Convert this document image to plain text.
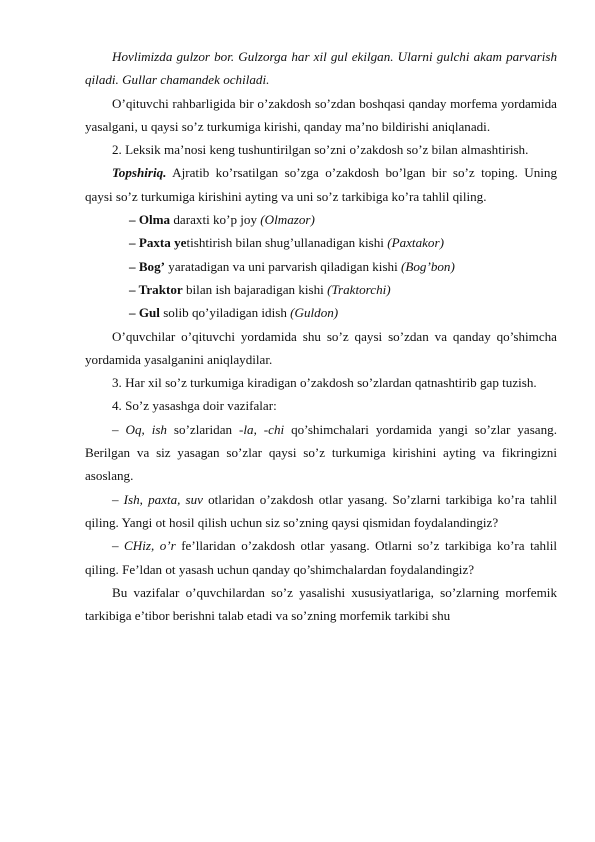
Hovlimizda gulzor bor. Gulzorga har xil gul ekilgan. Ularni gulchi akam parvarish qiladi. Gullar chamandek ochiladi.

O’qituvchi rahbarligida bir o’zakdosh so’zdan boshqasi qanday morfema yordamida yasalgani, u qaysi so’z turkumiga kirishi, qanday ma’no bildirishi aniqlanadi.

2. Leksik ma’nosi keng tushuntirilgan so’zni o’zakdosh so’z bilan almashtirish.

Topshiriq. Ajratib ko’rsatilgan so’zga o’zakdosh bo’lgan bir so’z toping. Uning qaysi so’z turkumiga kirishini ayting va uni so’z tarkibiga ko’ra tahlil qiling.

– Olma daraxti ko’p joy (Olmazor)

– Paxta yetishtirish bilan shug’ullanadigan kishi (Paxtakor)

– Bog’ yaratadigan va uni parvarish qiladigan kishi (Bog’bon)

– Traktor bilan ish bajaradigan kishi (Traktorchi)

– Gul solib qo’yiladigan idish (Guldon)

O’quvchilar o’qituvchi yordamida shu so’z qaysi so’zdan va qanday qo’shimcha yordamida yasalganini aniqlaydilar.

3. Har xil so’z turkumiga kiradigan o’zakdosh so’zlardan qatnashtirib gap tuzish.

4. So’z yasashga doir vazifalar:

– Oq, ish so’zlaridan -la, -chi qo’shimchalari yordamida yangi so’zlar yasang. Berilgan va siz yasagan so’zlar qaysi so’z turkumiga kirishini ayting va fikringizni asoslang.

– Ish, paxta, suv otlaridan o’zakdosh otlar yasang. So’zlarni tarkibiga ko’ra tahlil qiling. Yangi ot hosil qilish uchun siz so’zning qaysi qismidan foydalandingiz?

– CHiz, o’r fe’llaridan o’zakdosh otlar yasang. Otlarni so’z tarkibiga ko’ra tahlil qiling. Fe’ldan ot yasash uchun qanday qo’shimchalardan foydalandingiz?

Bu vazifalar o’quvchilardan so’z yasalishi xususiyatlariga, so’zlarning morfemik tarkibiga e’tibor berishni talab etadi va so’zning morfemik tarkibi shu
